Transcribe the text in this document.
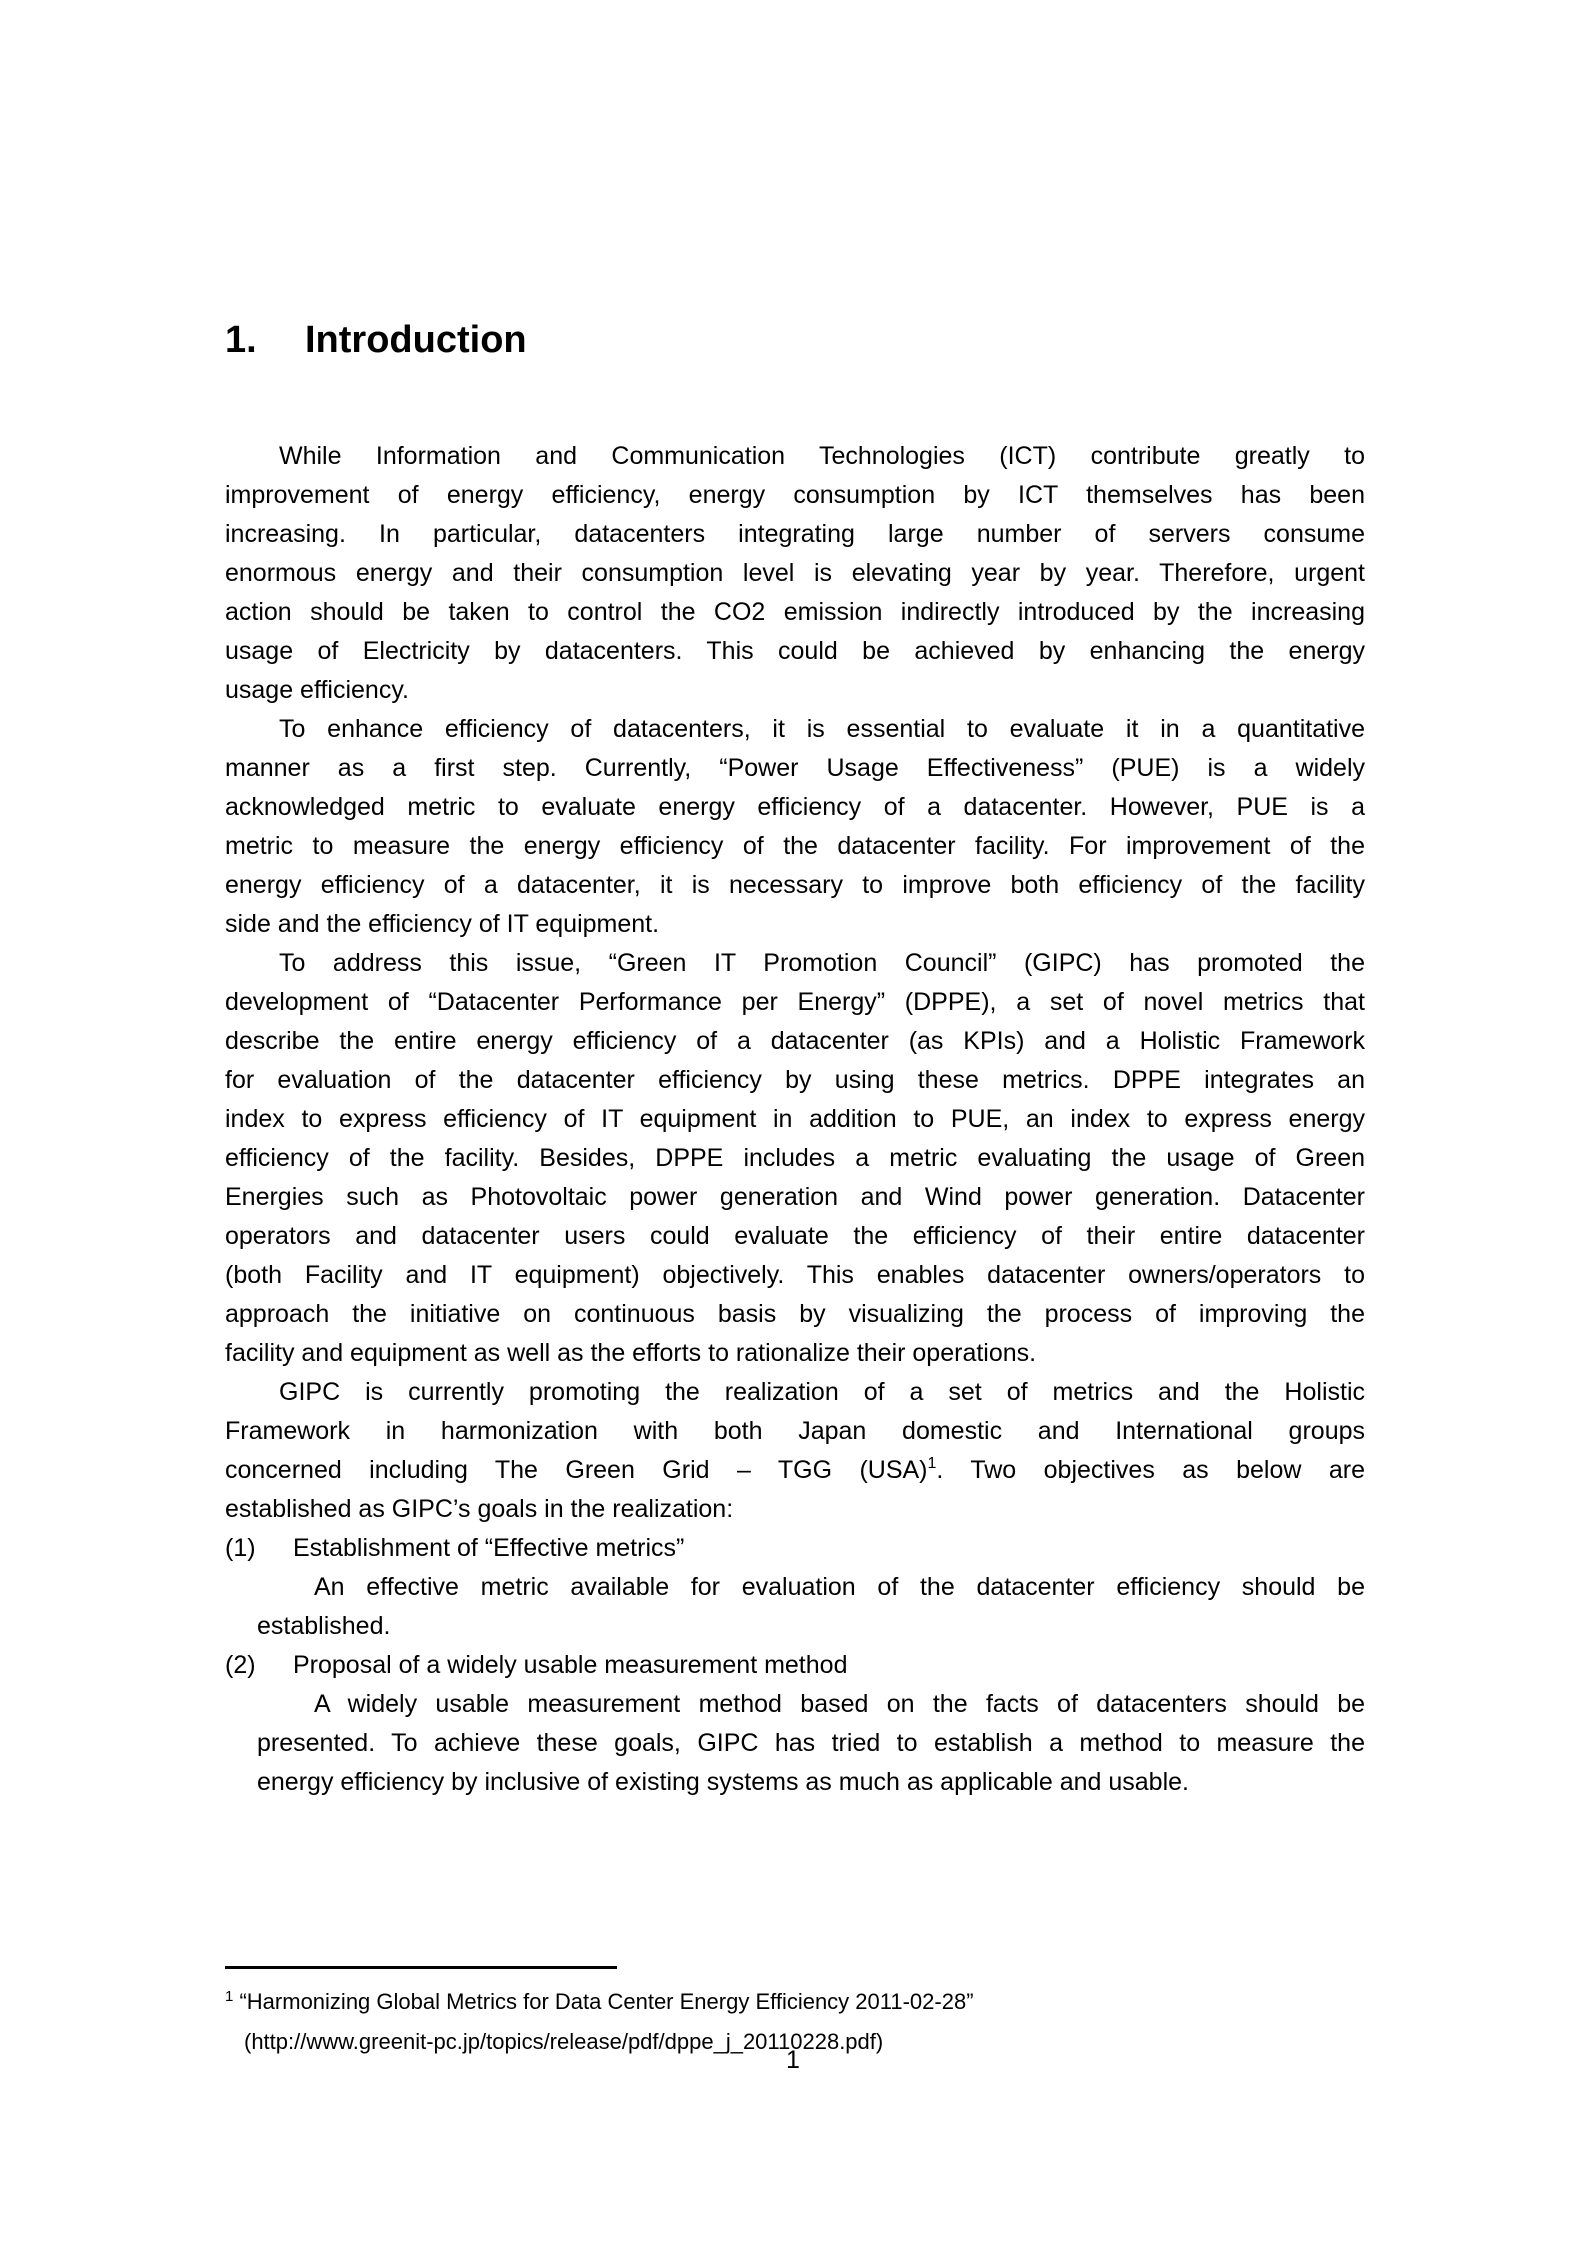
1.	Introduction
While Information and Communication Technologies (ICT) contribute greatly to
improvement of energy efficiency, energy consumption by ICT themselves has been
increasing. In particular, datacenters integrating large number of servers consume
enormous energy and their consumption level is elevating year by year. Therefore, urgent
action should be taken to control the CO2 emission indirectly introduced by the increasing
usage of Electricity by datacenters. This could be achieved by enhancing the energy
usage efficiency.
To enhance efficiency of datacenters, it is essential to evaluate it in a quantitative
manner as a first step. Currently, “Power Usage Effectiveness” (PUE) is a widely
acknowledged metric to evaluate energy efficiency of a datacenter. However, PUE is a
metric to measure the energy efficiency of the datacenter facility. For improvement of the
energy efficiency of a datacenter, it is necessary to improve both efficiency of the facility
side and the efficiency of IT equipment.
To address this issue, “Green IT Promotion Council” (GIPC) has promoted the
development of “Datacenter Performance per Energy” (DPPE), a set of novel metrics that
describe the entire energy efficiency of a datacenter (as KPIs) and a Holistic Framework
for evaluation of the datacenter efficiency by using these metrics. DPPE integrates an
index to express efficiency of IT equipment in addition to PUE, an index to express energy
efficiency of the facility. Besides, DPPE includes a metric evaluating the usage of Green
Energies such as Photovoltaic power generation and Wind power generation. Datacenter
operators and datacenter users could evaluate the efficiency of their entire datacenter
(both Facility and IT equipment) objectively. This enables datacenter owners/operators to
approach the initiative on continuous basis by visualizing the process of improving the
facility and equipment as well as the efforts to rationalize their operations.
GIPC is currently promoting the realization of a set of metrics and the Holistic
Framework in harmonization with both Japan domestic and International groups
concerned including The Green Grid – TGG (USA)$^1$. Two objectives as below are
established as GIPC’s goals in the realization:
(1)	Establishment of “Effective metrics”
An effective metric available for evaluation of the datacenter efficiency should be
established.
(2)	Proposal of a widely usable measurement method
A widely usable measurement method based on the facts of datacenters should be
presented. To achieve these goals, GIPC has tried to establish a method to measure the
energy efficiency by inclusive of existing systems as much as applicable and usable.
$^1$ “Harmonizing Global Metrics for Data Center Energy Efficiency 2011-02-28”
(http://www.greenit-pc.jp/topics/release/pdf/dppe_j_20110228.pdf)
1
